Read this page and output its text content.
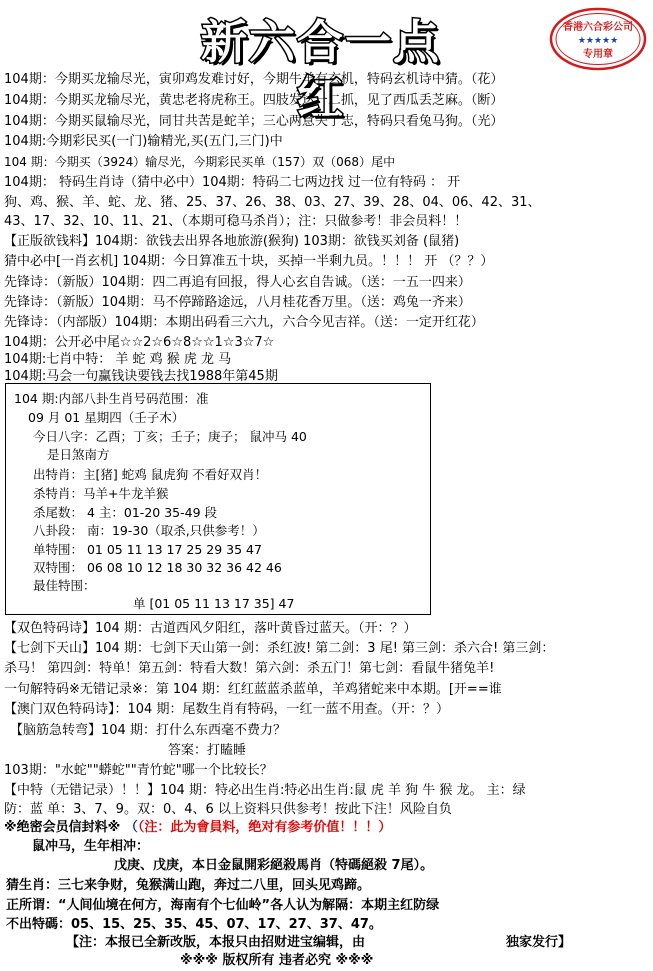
新六合一点红
香港六合彩公司
★★★★★
专用章
104期：今期买龙输尽光，寅卯鸡发难讨好，今期牛羊有玄机，特码玄机诗中猜。（花）
104期：今期买龙输尽光，黄忠老将虎称王。四肢发达一二抓，见了西瓜丢芝麻。（断）
104期：今期买鼠输尽光，同甘共苦是蛇羊；三心两意失了志，特码只看兔马狗。（光）
104期:今期彩民买(一门)输精光,买(五门,三门)中
104 期：今期买（3924）输尽光，今期彩民买单（157）双（068）尾中
104期： 特码生肖诗（猜中必中）104期：特码二七两边找 过一位有特码 ： 开
狗、鸡、猴、羊、蛇、龙、猪、25、37、26、38、03、27、39、28、04、06、42、31、
43、17、32、10、11、21、（本期可稳马杀肖）；注：只做参考！非会员料！！
【正版欲钱料】104期：欲钱去出界各地旅游(猴狗) 103期：欲钱买刘备 (鼠猪)
猜中必中[一肖玄机] 104期：今日算准五十块，买掉一半剩九员。！！！ 开 （？？）
先锋诗：（新版）104期：四二再追有回报，得人心玄自告诚。（送：一五一四来）
先锋诗：（新版）104期：马不停蹄路途远，八月桂花香万里。（送：鸡兔一齐来）
先锋诗：（内部版）104期：本期出码看三六九，六合今见吉祥。（送：一定开红花）
104期：公开必中尾☆☆2☆6☆8☆☆1☆3☆7☆
104期:七肖中特： 羊 蛇 鸡 猴 虎 龙 马
104期:马会一句赢钱诀要钱去找1988年第45期
104 期:内部八卦生肖号码范围：准
09 月 01 星期四（壬子木）
今日八字：乙酉；丁亥；壬子；庚子； 鼠冲马 40
是日煞南方
出特肖：主[猪] 蛇鸡 鼠虎狗 不看好双肖！
杀特肖：马羊+牛龙羊猴
杀尾数： 4 主：01-20 35-49 段
八卦段： 南：19-30（取杀,只供参考！）
单特围： 01 05 11 13 17 25 29 35 47
双特围： 06 08 10 12 18 30 32 36 42 46
最佳特围：
单 [01 05 11 13 17 35] 47
【双色特码诗】104 期：古道西风夕阳红，落叶黄昏过蓝天。（开：？）
【七剑下天山】104 期：七剑下天山第一剑：杀红波! 第二剑：3 尾! 第三剑：杀六合! 第三剑：
杀马！ 第四剑：特单！第五剑：特看大数！第六剑：杀五门！第七剑：看鼠牛猪兔羊!
一句解特码※无错记录※：第 104 期：红红蓝蓝杀蓝单，羊鸡猪蛇来中本期。[开==谁
【澳门双色特码诗】：104 期：尾数生肖有特码，一红一蓝不用查。（开：？）
【脑筋急转弯】104 期：打什么东西毫不费力？
答案：打瞌睡
103期："水蛇""蟒蛇""青竹蛇"哪一个比较长？
【中特（无错记录）！！】104 期：特必出生肖:特必出生肖:鼠 虎 羊 狗 牛 猴 龙。 主：绿
防：蓝 单：3、7、9。双：0、4、6 以上资料只供参考！按此下注！风险自负
※绝密会员信封料※ （（注：此为會員料，绝对有参考价值！！！）
鼠冲马，生年相冲：
戊庚、戊庚，本日金鼠開彩絕殺馬肖（特碼絕殺 7尾）。
猜生肖：三七来争财，兔猴满山跑，奔过二八里，回头见鸡蹄。
正所谓：“人间仙境在何方，海南有个七仙岭”各人认为解隔：本期主红防绿
不出特碼：05、15、25、35、45、07、17、27、37、47。
【注：本报已全新改版，本报只由招财进宝编辑，由	独家发行】
※※※ 版权所有 违者必究 ※※※
